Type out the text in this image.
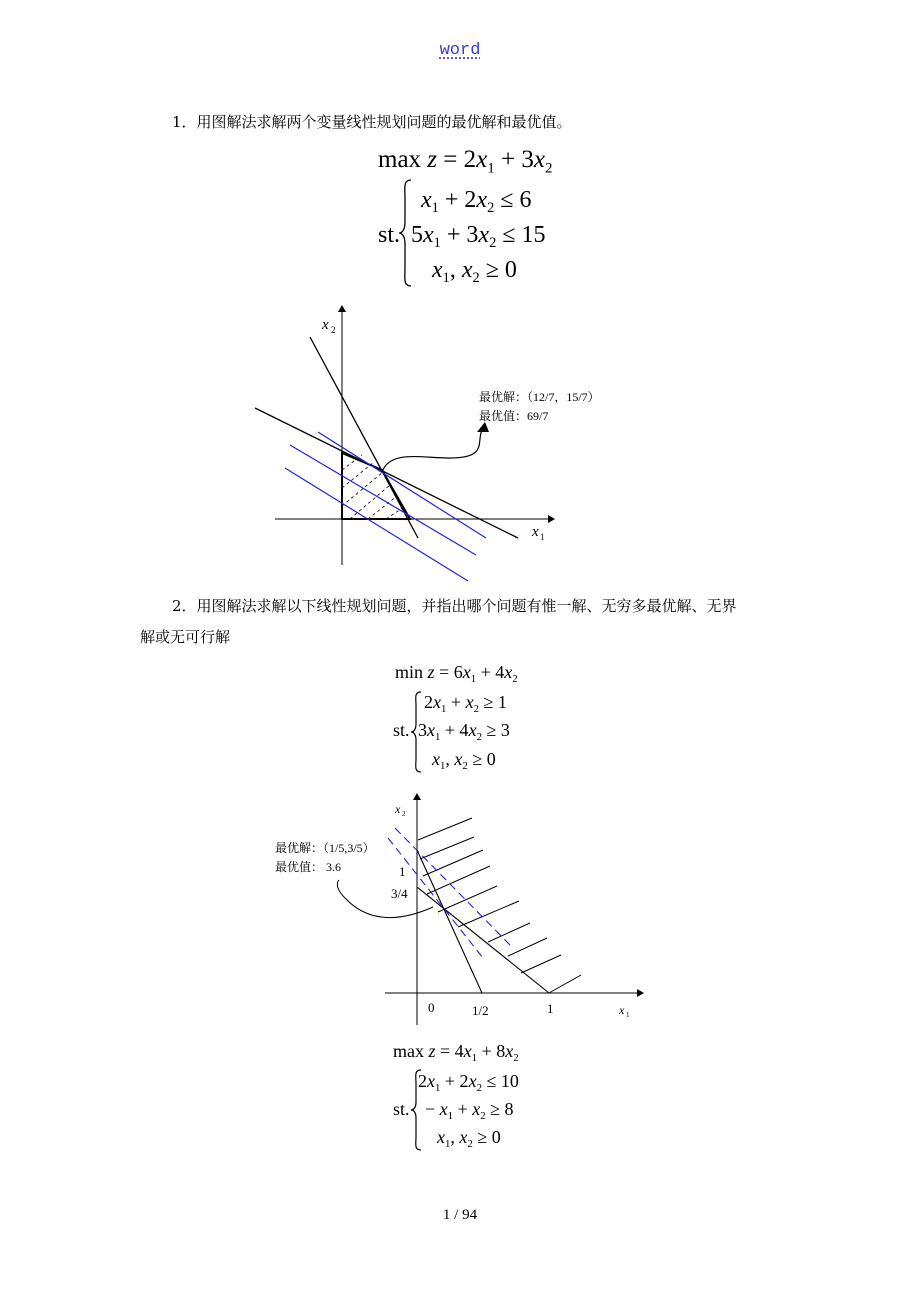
word
1．用图解法求解两个变量线性规划问题的最优解和最优值。
$\max z = 2x_1 + 3x_2$
st.
$x_1 + 2x_2 \le 6$
$5x_1 + 3x_2 \le 15$
$x_1$, $x_2 \ge 0$
x 2
x 1
最优解：（12/7，15/7）
最优值：69/7
2．用图解法求解以下线性规划问题，并指出哪个问题有惟一解、无穷多最优解、无界
解或无可行解
$\min z = 6x_1 + 4x_2$
st.
$2x_1 + x_2 \ge 1$
$3x_1 + 4x_2 \ge 3$
$x_1$, $x_2 \ge 0$
x 2
x 1
0	1/2	1
3/4
1
最优解：（1/5,3/5）
最优值： 3.6
$\max z = 4x_1 + 8x_2$
st.
$2x_1 + 2x_2 \le 10$
− $x_1 + x_2 \ge 8$
$x_1$, $x_2 \ge 0$
1 / 94
